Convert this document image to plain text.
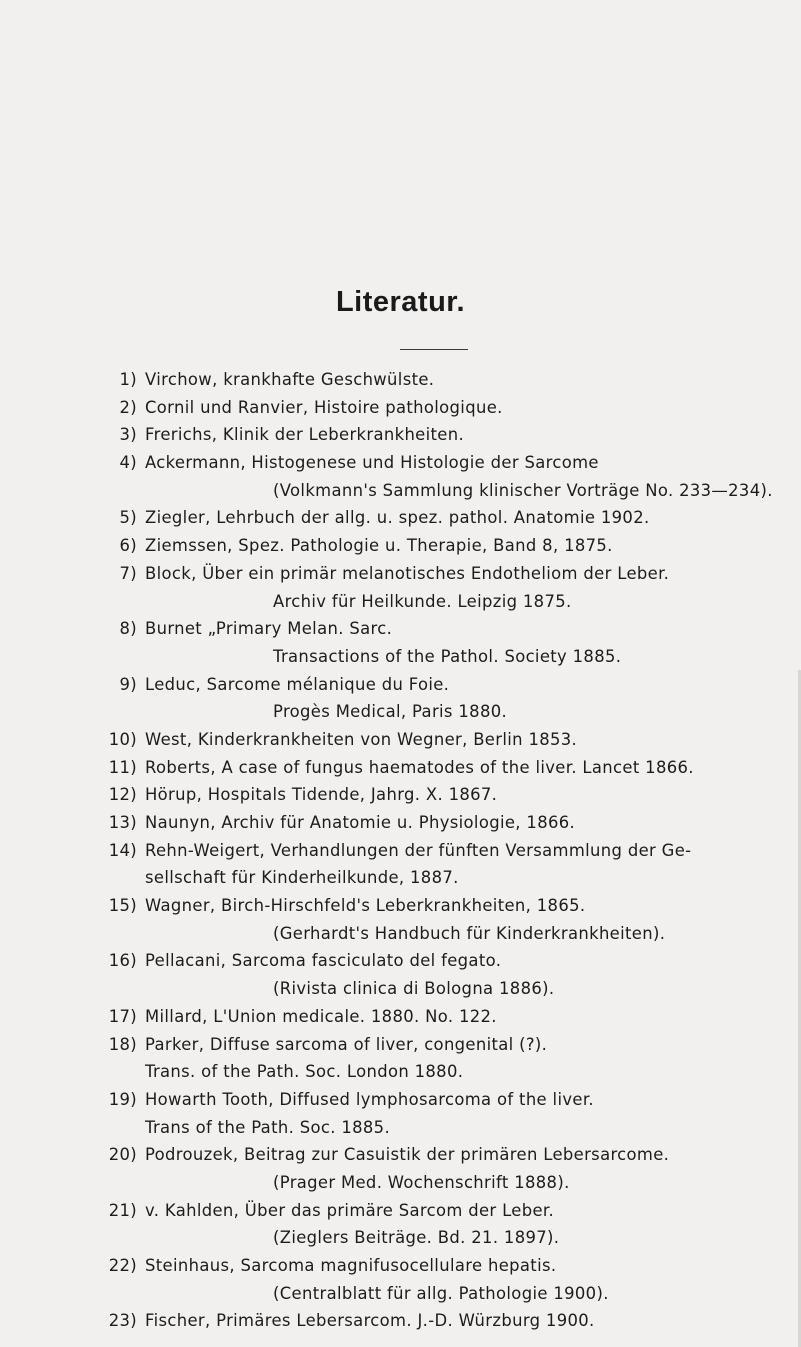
Literatur.
1) Virchow, krankhafte Geschwülste.
2) Cornil und Ranvier, Histoire pathologique.
3) Frerichs, Klinik der Leberkrankheiten.
4) Ackermann, Histogenese und Histologie der Sarcome
(Volkmann's Sammlung klinischer Vorträge No. 233—234).
5) Ziegler, Lehrbuch der allg. u. spez. pathol. Anatomie 1902.
6) Ziemssen, Spez. Pathologie u. Therapie, Band 8, 1875.
7) Block, Über ein primär melanotisches Endotheliom der Leber.
Archiv für Heilkunde. Leipzig 1875.
8) Burnet „Primary Melan. Sarc.
Transactions of the Pathol. Society 1885.
9) Leduc, Sarcome mélanique du Foie.
Progès Medical, Paris 1880.
10) West, Kinderkrankheiten von Wegner, Berlin 1853.
11) Roberts, A case of fungus haematodes of the liver. Lancet 1866.
12) Hörup, Hospitals Tidende, Jahrg. X. 1867.
13) Naunyn, Archiv für Anatomie u. Physiologie, 1866.
14) Rehn-Weigert, Verhandlungen der fünften Versammlung der Ge-
sellschaft für Kinderheilkunde, 1887.
15) Wagner, Birch-Hirschfeld's Leberkrankheiten, 1865.
(Gerhardt's Handbuch für Kinderkrankheiten).
16) Pellacani, Sarcoma fasciculato del fegato.
(Rivista clinica di Bologna 1886).
17) Millard, L'Union medicale. 1880. No. 122.
18) Parker, Diffuse sarcoma of liver, congenital (?).
Trans. of the Path. Soc. London 1880.
19) Howarth Tooth, Diffused lymphosarcoma of the liver.
Trans of the Path. Soc. 1885.
20) Podrouzek, Beitrag zur Casuistik der primären Lebersarcome.
(Prager Med. Wochenschrift 1888).
21) v. Kahlden, Über das primäre Sarcom der Leber.
(Zieglers Beiträge. Bd. 21. 1897).
22) Steinhaus, Sarcoma magnifusocellulare hepatis.
(Centralblatt für allg. Pathologie 1900).
23) Fischer, Primäres Lebersarcom. J.-D. Würzburg 1900.
